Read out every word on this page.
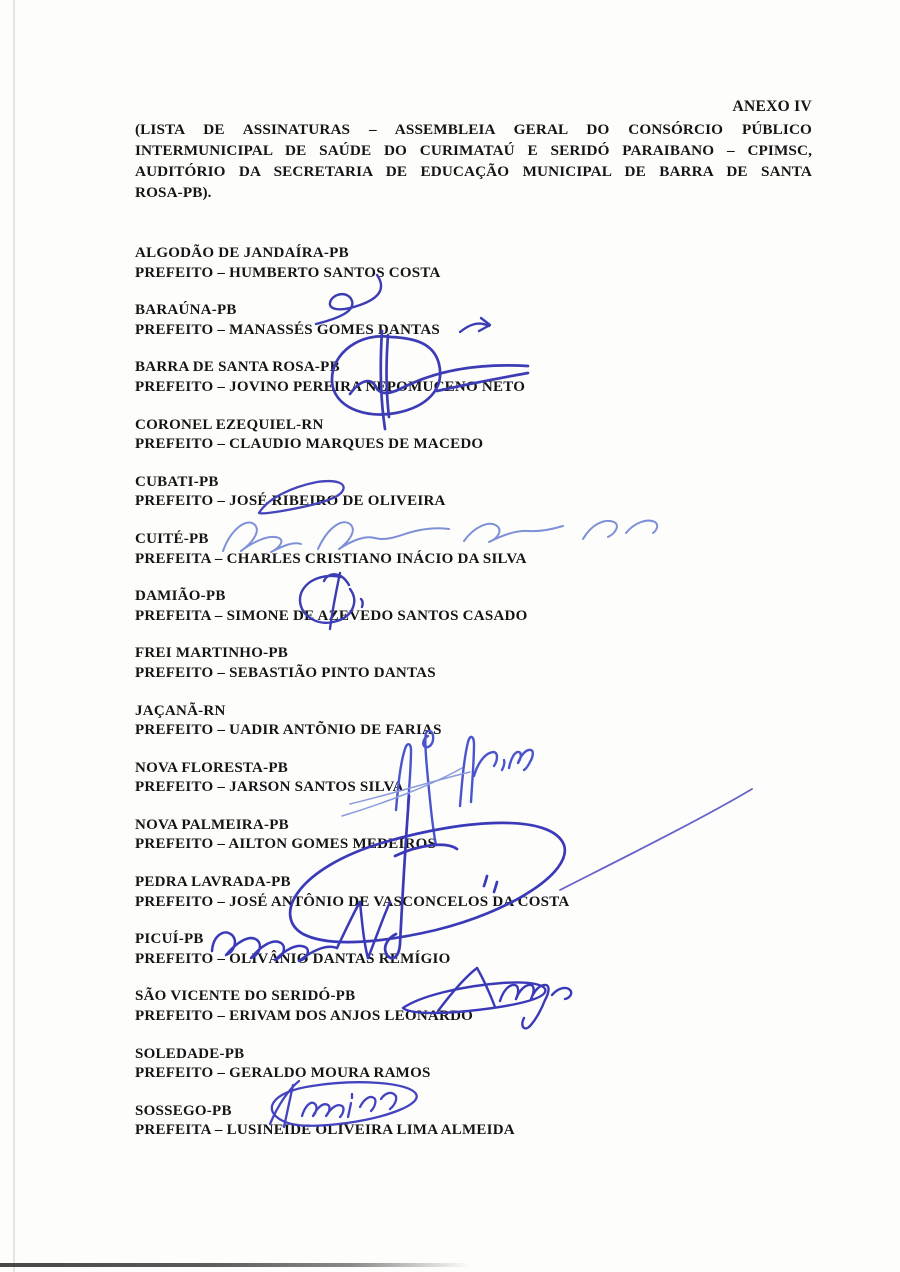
ANEXO IV
(LISTA DE ASSINATURAS – ASSEMBLEIA GERAL DO CONSÓRCIO PÚBLICO
INTERMUNICIPAL DE SAÚDE DO CURIMATAÚ E SERIDÓ PARAIBANO – CPIMSC,
AUDITÓRIO DA SECRETARIA DE EDUCAÇÃO MUNICIPAL DE BARRA DE SANTA
ROSA-PB).
ALGODÃO DE JANDAÍRA-PB
PREFEITO – HUMBERTO SANTOS COSTA
BARAÚNA-PB
PREFEITO – MANASSÉS GOMES DANTAS
BARRA DE SANTA ROSA-PB
PREFEITO – JOVINO PEREIRA NEPOMUCENO NETO
CORONEL EZEQUIEL-RN
PREFEITO – CLAUDIO MARQUES DE MACEDO
CUBATI-PB
PREFEITO – JOSÉ RIBEIRO DE OLIVEIRA
CUITÉ-PB
PREFEITA – CHARLES CRISTIANO INÁCIO DA SILVA
DAMIÃO-PB
PREFEITA – SIMONE DE AZEVEDO SANTOS CASADO
FREI MARTINHO-PB
PREFEITO – SEBASTIÃO PINTO DANTAS
JAÇANÃ-RN
PREFEITO – UADIR ANTÕNIO DE FARIAS
NOVA FLORESTA-PB
PREFEITO – JARSON SANTOS SILVA
NOVA PALMEIRA-PB
PREFEITO – AILTON GOMES MEDEIROS
PEDRA LAVRADA-PB
PREFEITO – JOSÉ ANTÔNIO DE VASCONCELOS DA COSTA
PICUÍ-PB
PREFEITO – OLIVÂNIO DANTAS REMÍGIO
SÃO VICENTE DO SERIDÓ-PB
PREFEITO – ERIVAM DOS ANJOS LEONARDO
SOLEDADE-PB
PREFEITO – GERALDO MOURA RAMOS
SOSSEGO-PB
PREFEITA – LUSINEIDE OLIVEIRA LIMA ALMEIDA
